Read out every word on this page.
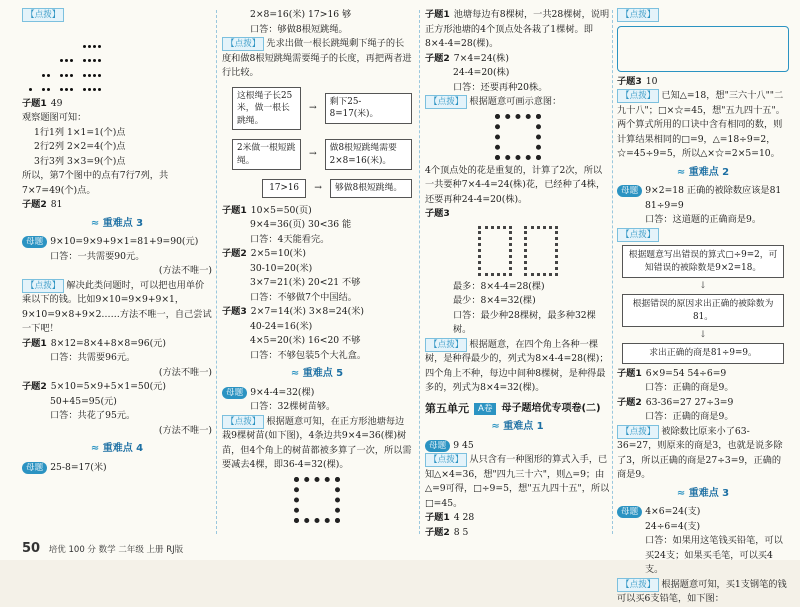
【点拨】

子题1 49
观察题图可知：
1行1列 1×1=1(个)点
2行2列 2×2=4(个)点
3行3列 3×3=9(个)点
所以，第7个图中的点有7行7列，共7×7=49(个)点。
子题2 81
≈ 重难点 3
母题 9×10=9×9+9×1=81+9=90(元)
口答：一共需要90元。
(方法不唯一)
【点拨】 解决此类问题时，可以把也用单价乘以下的钱。比如9×10=9×9+9×1，9×10=9×8+9×2……方法不唯一，自己尝试一下吧！
子题1 8×12=8×4+8×8=96(元)
口答：共需要96元。
(方法不唯一)
子题2 5×10=5×9+5×1=50(元)
50+45=95(元)
口答：共花了95元。
(方法不唯一)
≈ 重难点 4
母题 25-8=17(米)
2×8=16(米) 17>16 够
口答：够做8根短跳绳。
【点拨】 先求出做一根长跳绳剩下绳子的长度和做8根短跳绳需要绳子的长度，再把两者进行比较。
这根绳子长25米，做一根长跳绳。
→
剩下25-8=17(米)。
2米做一根短跳绳。
→
做8根短跳绳需要2×8=16(米)。
17>16	→	够做8根短跳绳。
子题1 10×5=50(页)
9×4=36(页) 30<36 能
口答：4天能看完。
子题2 2×5=10(米)
30-10=20(米)
3×7=21(米) 20<21 不够
口答：不够做7个中国结。
子题3 2×7=14(米) 3×8=24(米)
40-24=16(米)
4×5=20(米) 16<20 不够
口答：不够包装5个大礼盒。
≈ 重难点 5
母题 9×4-4=32(棵)
口答：32棵树苗够。
【点拨】 根据题意可知，在正方形池塘每边栽9棵树苗(如下图)，4条边共9×4=36(棵)树苗，但4个角上的树苗都被多算了一次，所以需要减去4棵，即36-4=32(棵)。
子题1 池塘每边有8棵树，一共28棵树，说明正方形池塘的4个顶点处各栽了1棵树。即8×4-4=28(棵)。
子题2 7×4=24(株)
24-4=20(株)
口答：还要再种20株。
【点拨】 根据题意可画示意图：
4个顶点处的花是重复的，计算了2次，所以一共要种7×4-4=24(株)花，已经种了4株，还要再种24-4=20(株)。
子题3
最多：8×4-4=28(棵)
最少：8×4=32(棵)
口答：最少种28棵树，最多种32棵树。
【点拨】 根据题意，在四个角上各种一棵树，是种得最少的，列式为8×4-4=28(棵)；四个角上不种，每边中间种8棵树，是种得最多的，列式为8×4=32(棵)。
第五单元	A卷 母子题培优专项卷(二)
≈ 重难点 1
母题 9 45
【点拨】 从只含有一种图形的算式入手，已知△×4=36，想"四九三十六"，则△=9；由△=9可得，□÷9=5，想"五九四十五"，所以□=45。
子题1 4 28
子题2 8 5
【点拨】
子题3 10
【点拨】 已知△=18，想"三六十八""二九十八"；□×☆=45，想"五九四十五"。两个算式所用的口诀中含有相同的数，则计算结果相同的□=9，△=18÷9=2，☆=45÷9=5，所以△×☆=2×5=10。
≈ 重难点 2
母题 9×2=18 正确的被除数应该是81
81÷9=9
口答：这道题的正确商是9。
【点拨】
根据题意写出错误的算式□÷9=2，可知错误的被除数是9×2=18。
↓
根据错误的原因求出正确的被除数为81。
↓
求出正确的商是81÷9=9。
子题1 6×9=54 54÷6=9
口答：正确的商是9。
子题2 63-36=27 27÷3=9
口答：正确的商是9。
【点拨】 被除数比原来小了63-36=27，则原来的商是3，也就是说多除了3，所以正确的商是27÷3=9，正确的商是9。
≈ 重难点 3
母题 4×6=24(支)
24÷6=4(支)
口答：如果用这笔钱买铅笔，可以买24支；如果买毛笔，可以买4支。
【点拨】 根据题意可知，买1支钢笔的钱可以买6支铅笔，如下图：
50 培优 100 分 数学 二年级 上册 RJ版
